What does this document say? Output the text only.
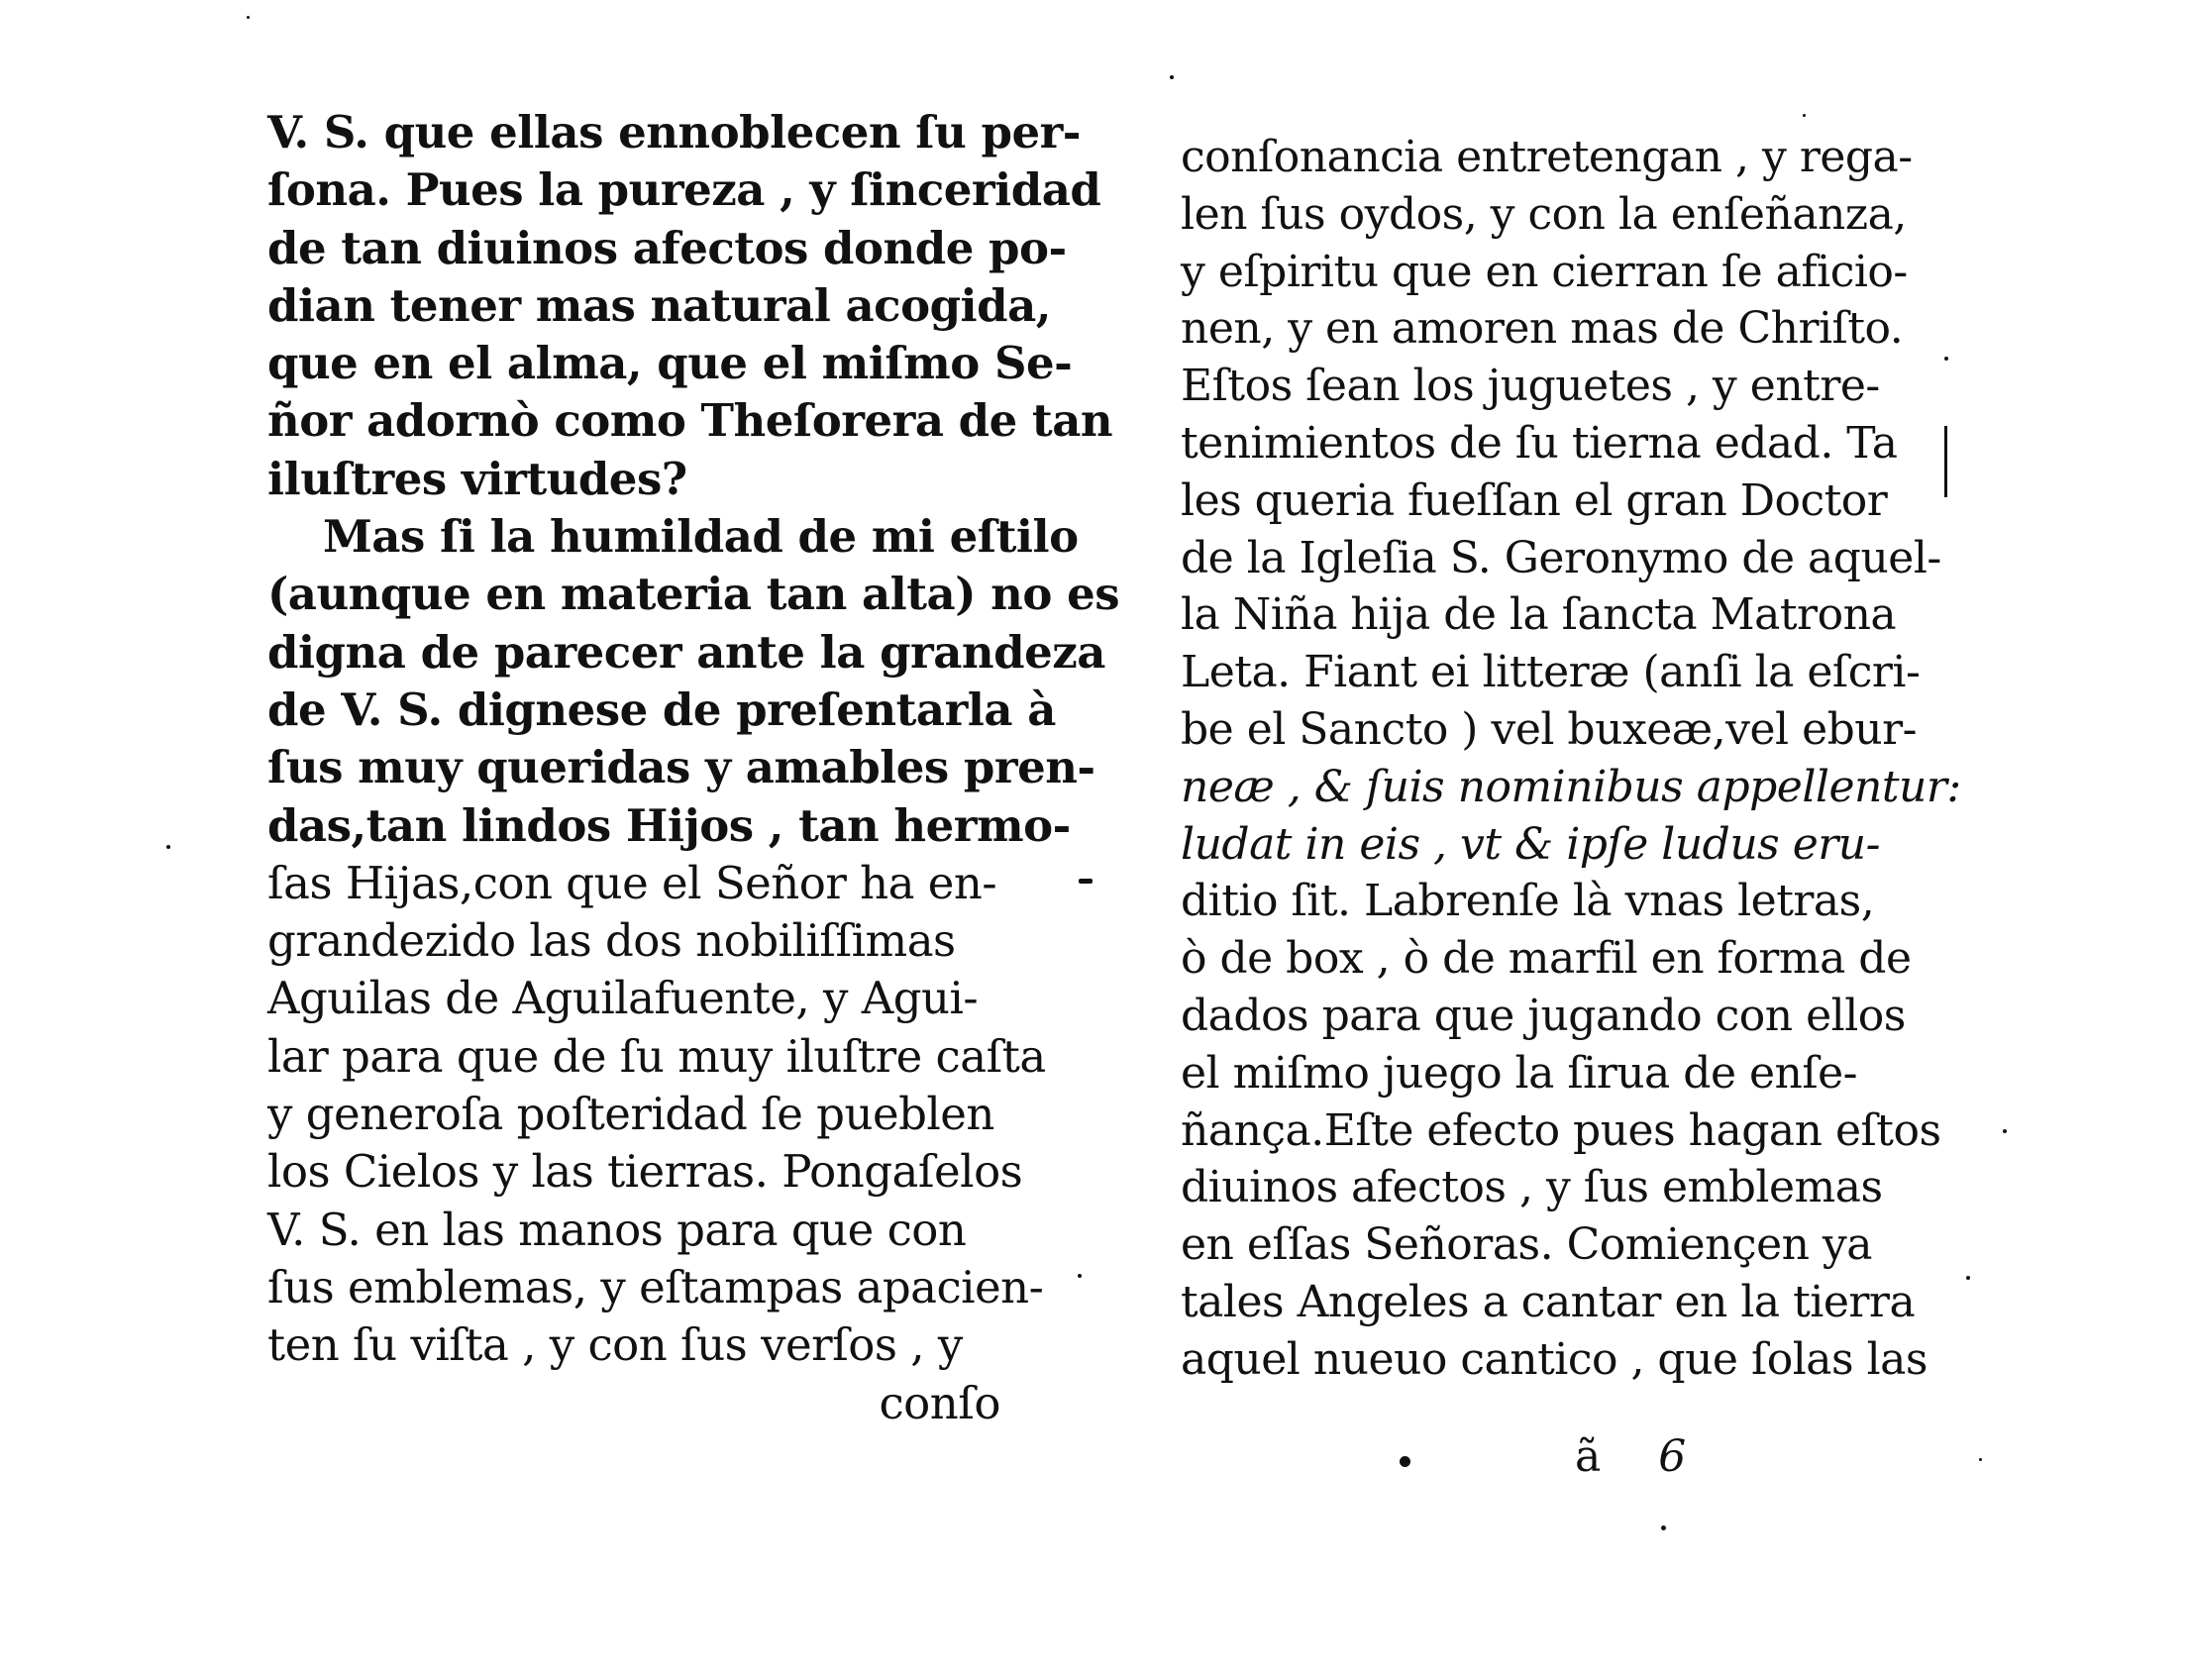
V. S. que ellas ennoblecen ſu per-
ſona. Pues la pureza , y ſinceridad
de tan diuinos afectos donde po-
dian tener mas natural acogida,
que en el alma, que el miſmo Se-
ñor adornò como Theſorera de tan
iluſtres virtudes?
Mas ſi la humildad de mi eſtilo
(aunque en materia tan alta) no es
digna de parecer ante la grandeza
de V. S. dignese de preſentarla à
ſus muy queridas y amables pren-
das,tan lindos Hijos , tan hermo-
ſas Hijas,con que el Señor ha en-
grandezido las dos nobiliſſimas
Aguilas de Aguilafuente, y Agui-
lar para que de ſu muy iluſtre caſta
y generoſa poſteridad ſe pueblen
los Cielos y las tierras. Pongaſelos
V. S. en las manos para que con
ſus emblemas, y eſtampas apacien-
ten ſu viſta , y con ſus verſos , y
conſo
conſonancia entretengan , y rega-
len ſus oydos, y con la enſeñanza,
y eſpiritu que en cierran ſe aficio-
nen, y en amoren mas de Chriſto.
Eſtos ſean los juguetes , y entre-
tenimientos de ſu tierna edad. Ta
les queria fueſſan el gran Doctor
de la Igleſia S. Geronymo de aquel-
la Niña hija de la ſancta Matrona
Leta. Fiant ei litteræ (anſi la eſcri-
be el Sancto ) vel buxeæ,vel ebur-
neæ , & ſuis nominibus appellentur:
ludat in eis , vt & ipſe ludus eru-
ditio ſit. Labrenſe là vnas letras,
ò de box , ò de marfil en forma de
dados para que jugando con ellos
el miſmo juego la ſirua de enſe-
ñança.Eſte efecto pues hagan eſtos
diuinos afectos , y ſus emblemas
en eſſas Señoras. Comiençen ya
tales Angeles a cantar en la tierra
aquel nueuo cantico , que ſolas las
ã 6
